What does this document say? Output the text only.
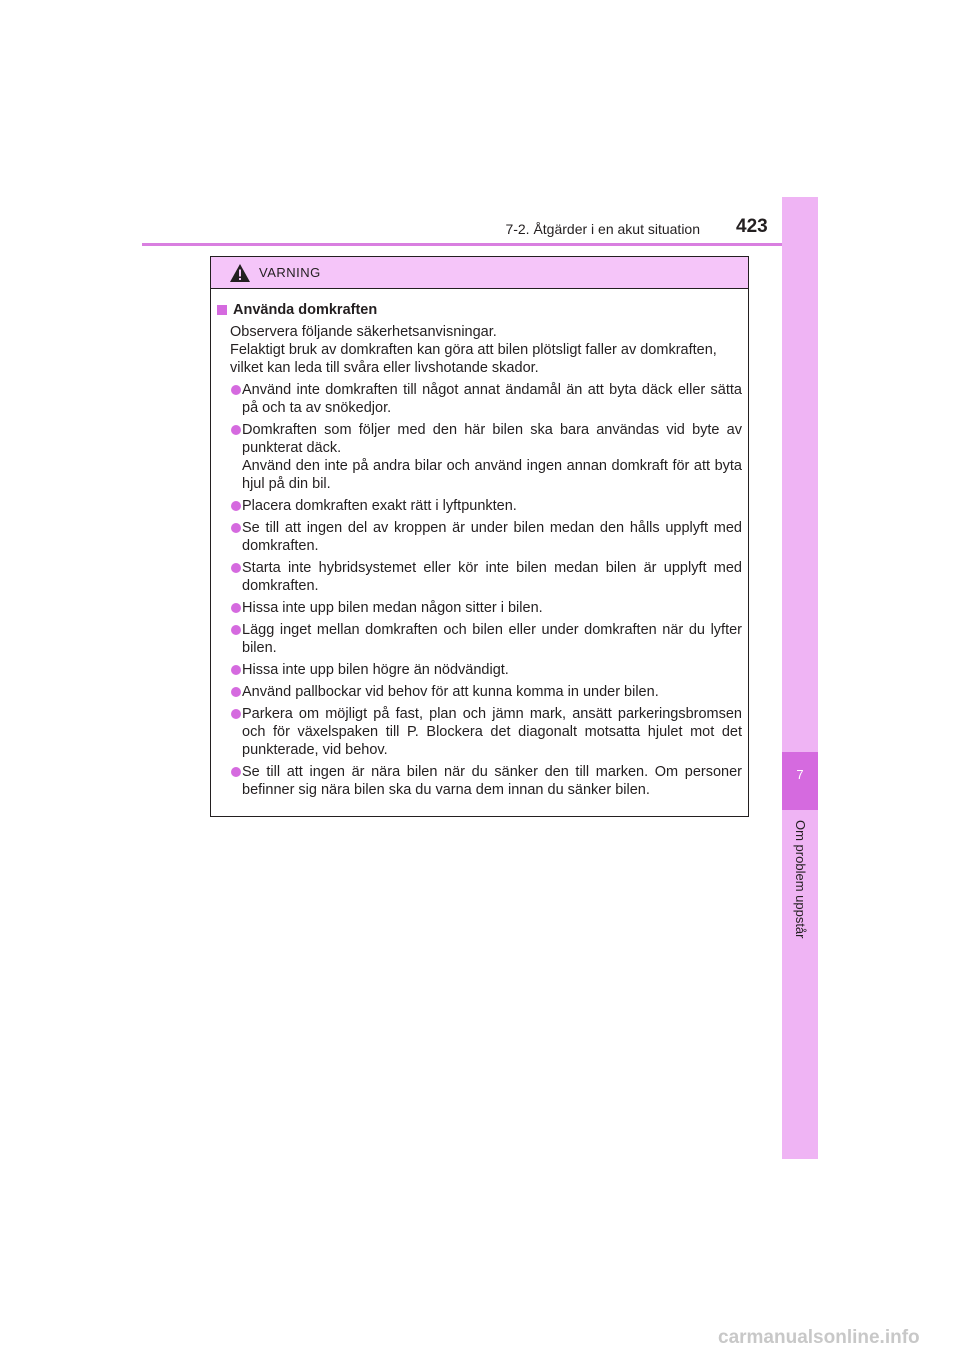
7-2. Åtgärder i en akut situation 423
7
Om problem uppstår
VARNING
Använda domkraften
Observera följande säkerhetsanvisningar.
Felaktigt bruk av domkraften kan göra att bilen plötsligt faller av domkraften,
vilket kan leda till svåra eller livshotande skador.
Använd inte domkraften till något annat ändamål än att byta däck eller sätta på och ta av snökedjor.
Domkraften som följer med den här bilen ska bara användas vid byte av punkterat däck.
Använd den inte på andra bilar och använd ingen annan domkraft för att byta hjul på din bil.
Placera domkraften exakt rätt i lyftpunkten.
Se till att ingen del av kroppen är under bilen medan den hålls upplyft med domkraften.
Starta inte hybridsystemet eller kör inte bilen medan bilen är upplyft med domkraften.
Hissa inte upp bilen medan någon sitter i bilen.
Lägg inget mellan domkraften och bilen eller under domkraften när du lyfter bilen.
Hissa inte upp bilen högre än nödvändigt.
Använd pallbockar vid behov för att kunna komma in under bilen.
Parkera om möjligt på fast, plan och jämn mark, ansätt parkeringsbromsen och för växelspaken till P. Blockera det diagonalt motsatta hjulet mot det punkterade, vid behov.
Se till att ingen är nära bilen när du sänker den till marken. Om personer befinner sig nära bilen ska du varna dem innan du sänker bilen.
carmanualsonline.info
